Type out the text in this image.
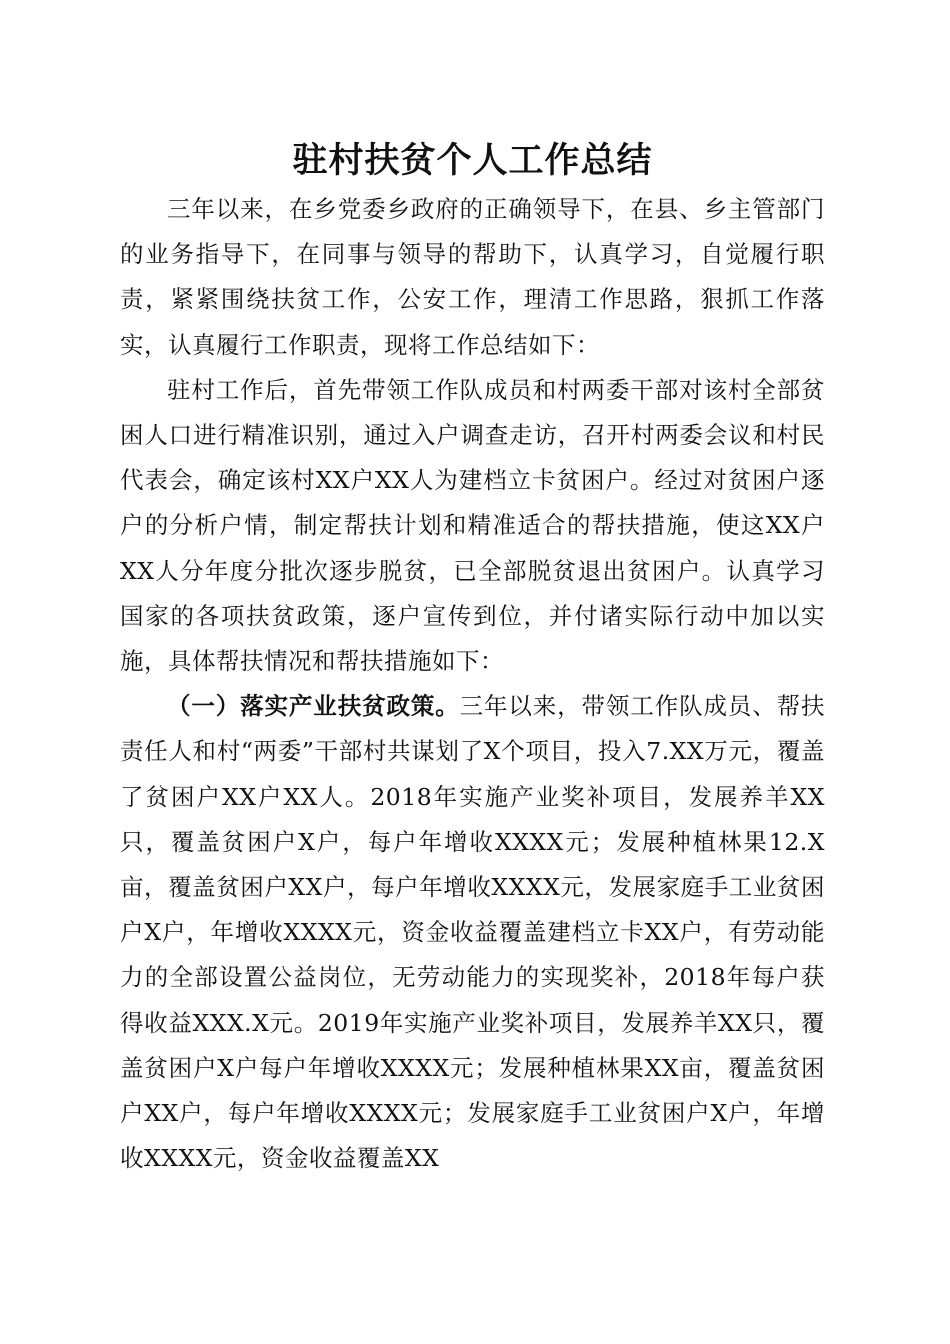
驻村扶贫个人工作总结

三年以来，在乡党委乡政府的正确领导下，在县、乡主管部门的业务指导下，在同事与领导的帮助下，认真学习，自觉履行职责，紧紧围绕扶贫工作，公安工作，理清工作思路，狠抓工作落实，认真履行工作职责，现将工作总结如下：

驻村工作后，首先带领工作队成员和村两委干部对该村全部贫困人口进行精准识别，通过入户调查走访，召开村两委会议和村民代表会，确定该村XX户XX人为建档立卡贫困户。经过对贫困户逐户的分析户情，制定帮扶计划和精准适合的帮扶措施，使这XX户XX人分年度分批次逐步脱贫，已全部脱贫退出贫困户。认真学习国家的各项扶贫政策，逐户宣传到位，并付诸实际行动中加以实施，具体帮扶情况和帮扶措施如下：

（一）落实产业扶贫政策。三年以来，带领工作队成员、帮扶责任人和村“两委”干部村共谋划了X个项目，投入7.XX万元，覆盖了贫困户XX户XX人。2018年实施产业奖补项目，发展养羊XX只，覆盖贫困户X户，每户年增收XXXX元；发展种植林果12.X亩，覆盖贫困户XX户，每户年增收XXXX元，发展家庭手工业贫困户X户，年增收XXXX元，资金收益覆盖建档立卡XX户，有劳动能力的全部设置公益岗位，无劳动能力的实现奖补，2018年每户获得收益XXX.X元。2019年实施产业奖补项目，发展养羊XX只，覆盖贫困户X户每户年增收XXXX元；发展种植林果XX亩，覆盖贫困户XX户，每户年增收XXXX元；发展家庭手工业贫困户X户，年增收XXXX元，资金收益覆盖XX
